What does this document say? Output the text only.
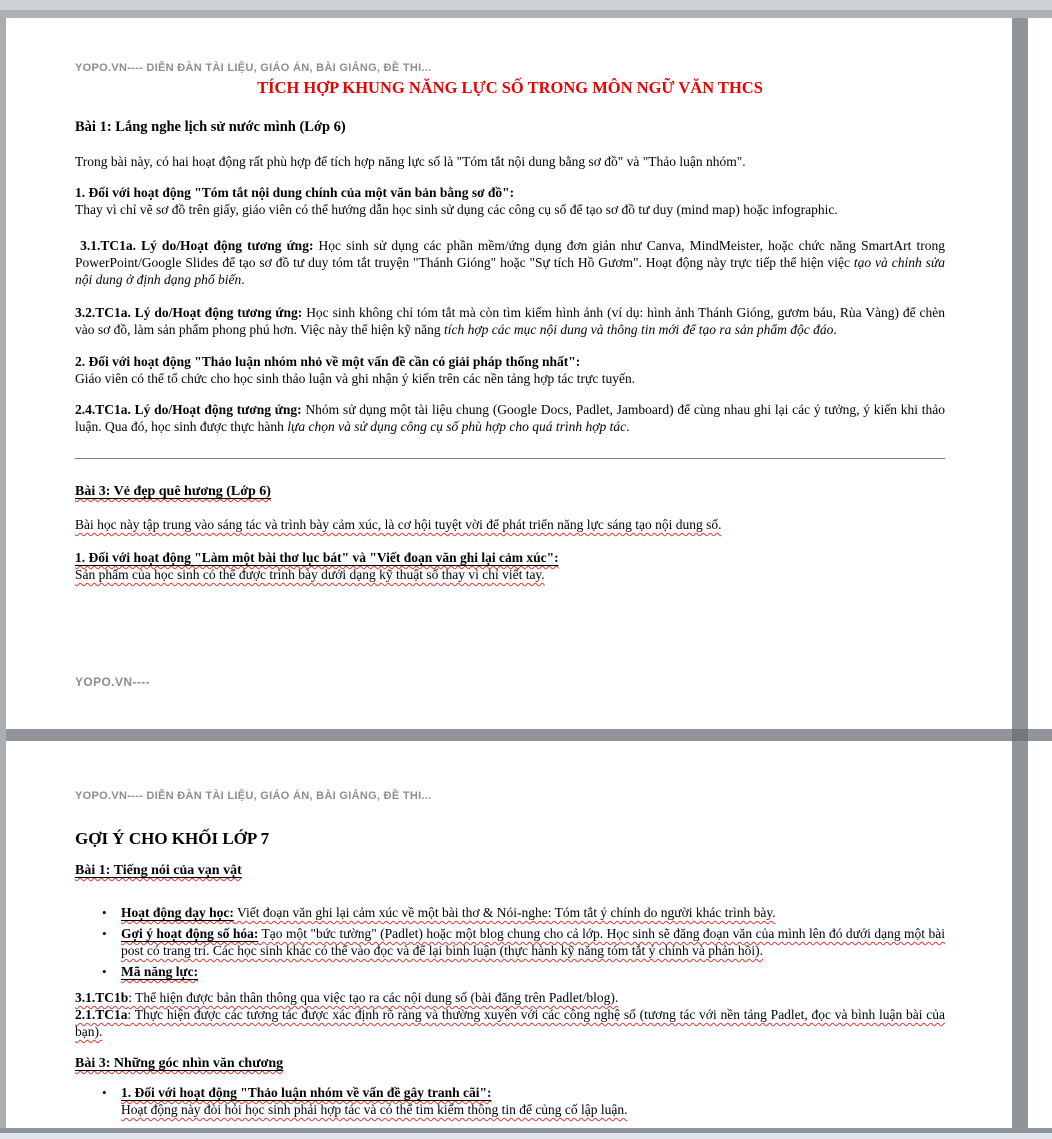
YOPO.VN---- DIỄN ĐÀN TÀI LIỆU, GIÁO ÁN, BÀI GIẢNG, ĐỀ THI...
TÍCH HỢP KHUNG NĂNG LỰC SỐ TRONG MÔN NGỮ VĂN THCS
Bài 1: Lắng nghe lịch sử nước mình (Lớp 6)
Trong bài này, có hai hoạt động rất phù hợp để tích hợp năng lực số là "Tóm tắt nội dung bằng sơ đồ" và "Thảo luận nhóm".
1. Đối với hoạt động "Tóm tắt nội dung chính của một văn bản bằng sơ đồ":
Thay vì chỉ vẽ sơ đồ trên giấy, giáo viên có thể hướng dẫn học sinh sử dụng các công cụ số để tạo sơ đồ tư duy (mind map) hoặc infographic.
3.1.TC1a. Lý do/Hoạt động tương ứng: Học sinh sử dụng các phần mềm/ứng dụng đơn giản như Canva, MindMeister, hoặc chức năng SmartArt trong PowerPoint/Google Slides để tạo sơ đồ tư duy tóm tắt truyện "Thánh Gióng" hoặc "Sự tích Hồ Gươm". Hoạt động này trực tiếp thể hiện việc tạo và chỉnh sửa nội dung ở định dạng phổ biến.
3.2.TC1a. Lý do/Hoạt động tương ứng: Học sinh không chỉ tóm tắt mà còn tìm kiếm hình ảnh (ví dụ: hình ảnh Thánh Gióng, gươm báu, Rùa Vàng) để chèn vào sơ đồ, làm sản phẩm phong phú hơn. Việc này thể hiện kỹ năng tích hợp các mục nội dung và thông tin mới để tạo ra sản phẩm độc đáo.
2. Đối với hoạt động "Thảo luận nhóm nhỏ về một vấn đề cần có giải pháp thống nhất":
Giáo viên có thể tổ chức cho học sinh thảo luận và ghi nhận ý kiến trên các nền tảng hợp tác trực tuyến.
2.4.TC1a. Lý do/Hoạt động tương ứng: Nhóm sử dụng một tài liệu chung (Google Docs, Padlet, Jamboard) để cùng nhau ghi lại các ý tưởng, ý kiến khi thảo luận. Qua đó, học sinh được thực hành lựa chọn và sử dụng công cụ số phù hợp cho quá trình hợp tác.
Bài 3: Vẻ đẹp quê hương (Lớp 6)
Bài học này tập trung vào sáng tác và trình bày cảm xúc, là cơ hội tuyệt vời để phát triển năng lực sáng tạo nội dung số.
1. Đối với hoạt động "Làm một bài thơ lục bát" và "Viết đoạn văn ghi lại cảm xúc":
Sản phẩm của học sinh có thể được trình bày dưới dạng kỹ thuật số thay vì chỉ viết tay.
YOPO.VN----
YOPO.VN---- DIỄN ĐÀN TÀI LIỆU, GIÁO ÁN, BÀI GIẢNG, ĐỀ THI...
GỢI Ý CHO KHỐI LỚP 7
Bài 1: Tiếng nói của vạn vật
•	Hoạt động dạy học: Viết đoạn văn ghi lại cảm xúc về một bài thơ & Nói-nghe: Tóm tắt ý chính do người khác trình bày.
•	Gợi ý hoạt động số hóa: Tạo một "bức tường" (Padlet) hoặc một blog chung cho cả lớp. Học sinh sẽ đăng đoạn văn của mình lên đó dưới dạng một bài post có trang trí. Các học sinh khác có thể vào đọc và để lại bình luận (thực hành kỹ năng tóm tắt ý chính và phản hồi).
•	Mã năng lực:
3.1.TC1b: Thể hiện được bản thân thông qua việc tạo ra các nội dung số (bài đăng trên Padlet/blog).
2.1.TC1a: Thực hiện được các tương tác được xác định rõ ràng và thường xuyên với các công nghệ số (tương tác với nền tảng Padlet, đọc và bình luận bài của bạn).
Bài 3: Những góc nhìn văn chương
•	1. Đối với hoạt động "Thảo luận nhóm về vấn đề gây tranh cãi":
Hoạt động này đòi hỏi học sinh phải hợp tác và có thể tìm kiếm thông tin để củng cố lập luận.
